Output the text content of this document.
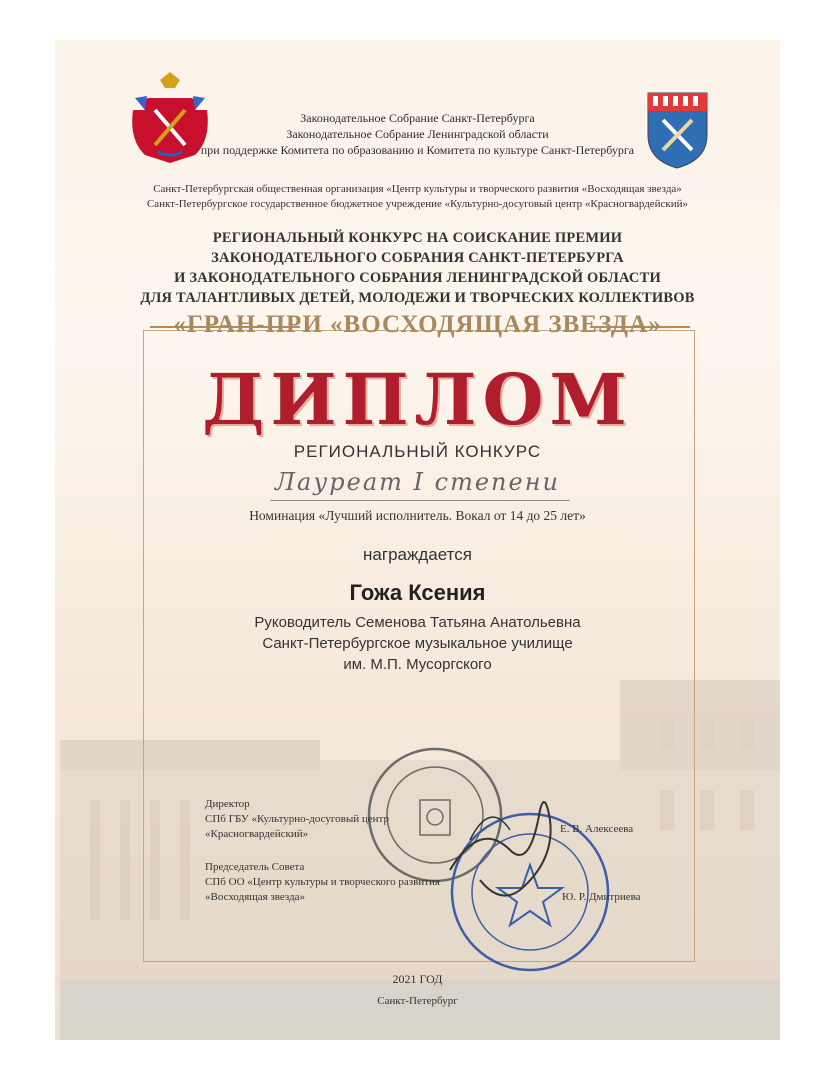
Законодательное Собрание Санкт-Петербурга
Законодательное Собрание Ленинградской области
при поддержке Комитета по образованию и Комитета по культуре Санкт-Петербурга
Санкт-Петербургская общественная организация «Центр культуры и творческого развития «Восходящая звезда»
Санкт-Петербургское государственное бюджетное учреждение «Культурно-досуговый центр «Красногвардейский»
РЕГИОНАЛЬНЫЙ КОНКУРС НА СОИСКАНИЕ ПРЕМИИ
ЗАКОНОДАТЕЛЬНОГО СОБРАНИЯ САНКТ-ПЕТЕРБУРГА
И ЗАКОНОДАТЕЛЬНОГО СОБРАНИЯ ЛЕНИНГРАДСКОЙ ОБЛАСТИ
ДЛЯ ТАЛАНТЛИВЫХ ДЕТЕЙ, МОЛОДЕЖИ И ТВОРЧЕСКИХ КОЛЛЕКТИВОВ
«ГРАН-ПРИ «ВОСХОДЯЩАЯ ЗВЕЗДА»
ДИПЛОМ
РЕГИОНАЛЬНЫЙ КОНКУРС
Лауреат I степени
Номинация «Лучший исполнитель. Вокал от 14 до 25 лет»
награждается
Гожа Ксения
Руководитель Семенова Татьяна Анатольевна
Санкт-Петербургское музыкальное училище
им. М.П. Мусоргского
Директор
СПб ГБУ «Культурно-досуговый центр
«Красногвардейский»	Е. В. Алексеева
Председатель Совета
СПб ОО «Центр культуры и творческого развития
«Восходящая звезда»	Ю. Р. Дмитриева
2021 ГОД
Санкт-Петербург
